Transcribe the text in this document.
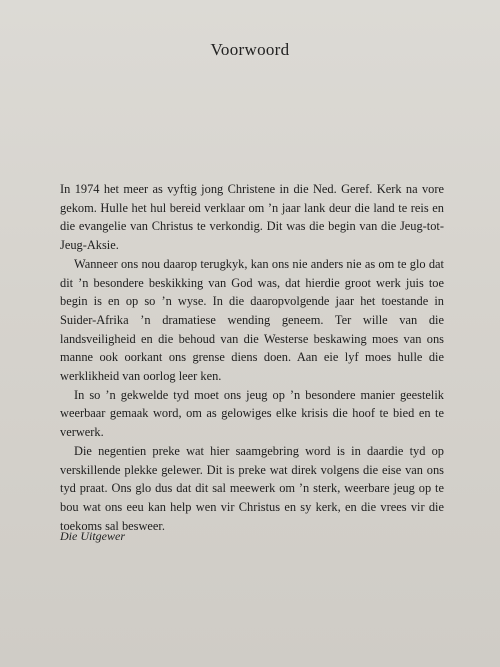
Voorwoord

In 1974 het meer as vyftig jong Christene in die Ned. Geref. Kerk na vore gekom. Hulle het hul bereid verklaar om ’n jaar lank deur die land te reis en die evangelie van Christus te verkondig. Dit was die begin van die Jeug-tot-Jeug-Aksie.

Wanneer ons nou daarop terugkyk, kan ons nie anders nie as om te glo dat dit ’n besondere beskikking van God was, dat hierdie groot werk juis toe begin is en op so ’n wyse. In die daaropvolgende jaar het toestande in Suider-Afrika ’n dramatiese wending geneem. Ter wille van die landsveiligheid en die behoud van die Westerse beskawing moes van ons manne ook oorkant ons grense diens doen. Aan eie lyf moes hulle die werklikheid van oorlog leer ken.

In so ’n gekwelde tyd moet ons jeug op ’n besondere manier geestelik weerbaar gemaak word, om as gelowiges elke krisis die hoof te bied en te verwerk.

Die negentien preke wat hier saamgebring word is in daardie tyd op verskillende plekke gelewer. Dit is preke wat direk volgens die eise van ons tyd praat. Ons glo dus dat dit sal meewerk om ’n sterk, weerbare jeug op te bou wat ons eeu kan help wen vir Christus en sy kerk, en die vrees vir die toekoms sal besweer.

Die Uitgewer
